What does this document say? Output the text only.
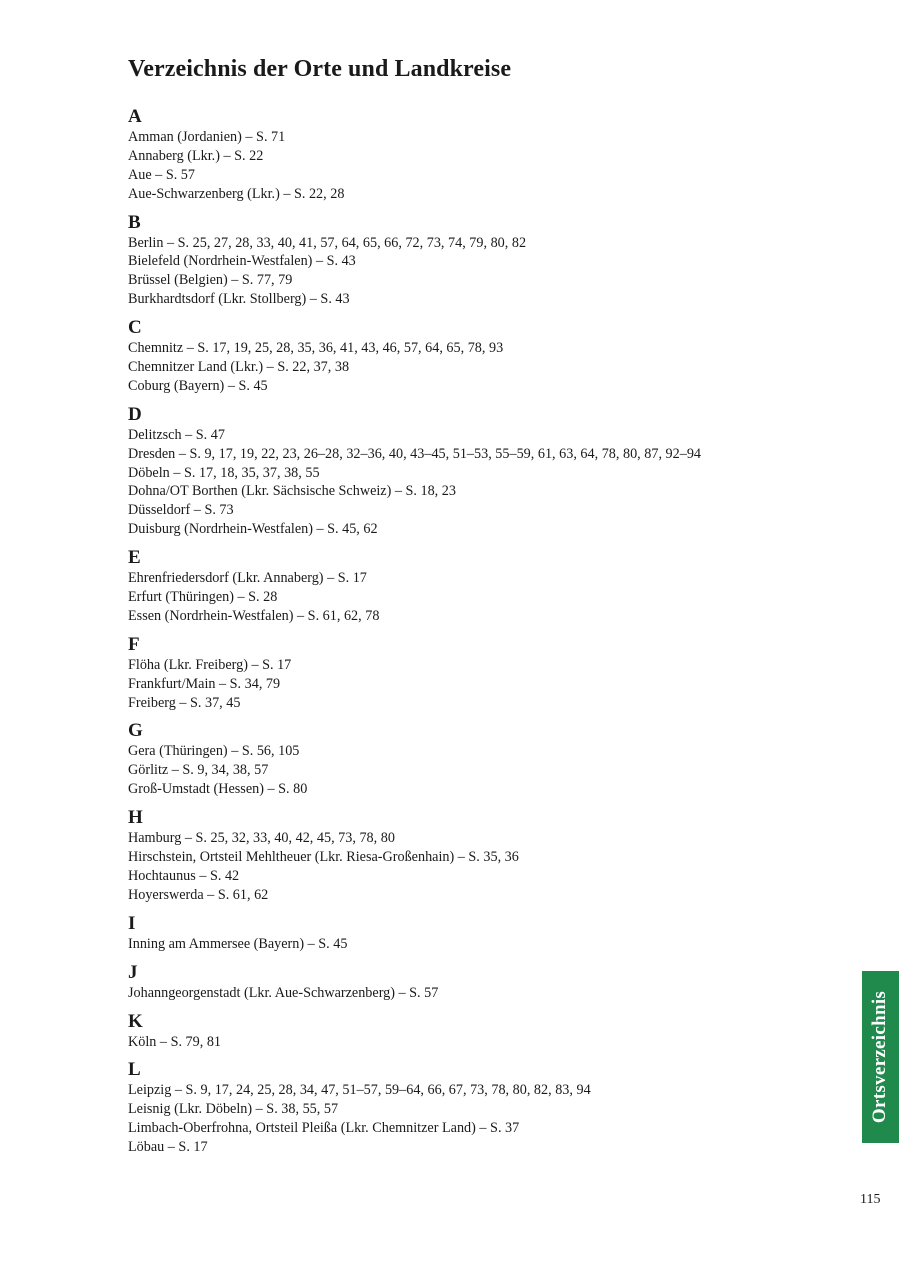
Verzeichnis der Orte und Landkreise
A
Amman (Jordanien) – S. 71
Annaberg (Lkr.) – S. 22
Aue – S. 57
Aue-Schwarzenberg (Lkr.) – S. 22, 28
B
Berlin – S. 25, 27, 28, 33, 40, 41, 57, 64, 65, 66, 72, 73, 74, 79, 80, 82
Bielefeld (Nordrhein-Westfalen) – S. 43
Brüssel (Belgien) – S. 77, 79
Burkhardtsdorf (Lkr. Stollberg) – S. 43
C
Chemnitz – S. 17, 19, 25, 28, 35, 36, 41, 43, 46, 57, 64, 65, 78, 93
Chemnitzer Land (Lkr.) – S. 22, 37, 38
Coburg (Bayern) – S. 45
D
Delitzsch – S. 47
Dresden – S. 9, 17, 19, 22, 23, 26–28, 32–36, 40, 43–45, 51–53, 55–59, 61, 63, 64, 78, 80, 87, 92–94
Döbeln – S. 17, 18, 35, 37, 38, 55
Dohna/OT Borthen (Lkr. Sächsische Schweiz) – S. 18, 23
Düsseldorf – S. 73
Duisburg (Nordrhein-Westfalen) – S. 45, 62
E
Ehrenfriedersdorf (Lkr. Annaberg) – S. 17
Erfurt (Thüringen) – S. 28
Essen (Nordrhein-Westfalen) – S. 61, 62, 78
F
Flöha (Lkr. Freiberg) – S. 17
Frankfurt/Main – S. 34, 79
Freiberg – S. 37, 45
G
Gera (Thüringen) – S. 56, 105
Görlitz – S. 9, 34, 38, 57
Groß-Umstadt (Hessen) – S. 80
H
Hamburg – S. 25, 32, 33, 40, 42, 45, 73, 78, 80
Hirschstein, Ortsteil Mehltheuer (Lkr. Riesa-Großenhain) – S. 35, 36
Hochtaunus – S. 42
Hoyerswerda – S. 61, 62
I
Inning am Ammersee (Bayern) – S. 45
J
Johanngeorgenstadt (Lkr. Aue-Schwarzenberg) – S. 57
K
Köln – S. 79, 81
L
Leipzig – S. 9, 17, 24, 25, 28, 34, 47, 51–57, 59–64, 66, 67, 73, 78, 80, 82, 83, 94
Leisnig (Lkr. Döbeln) – S. 38, 55, 57
Limbach-Oberfrohna, Ortsteil Pleißa (Lkr. Chemnitzer Land) – S. 37
Löbau – S. 17
Ortsverzeichnis
115
